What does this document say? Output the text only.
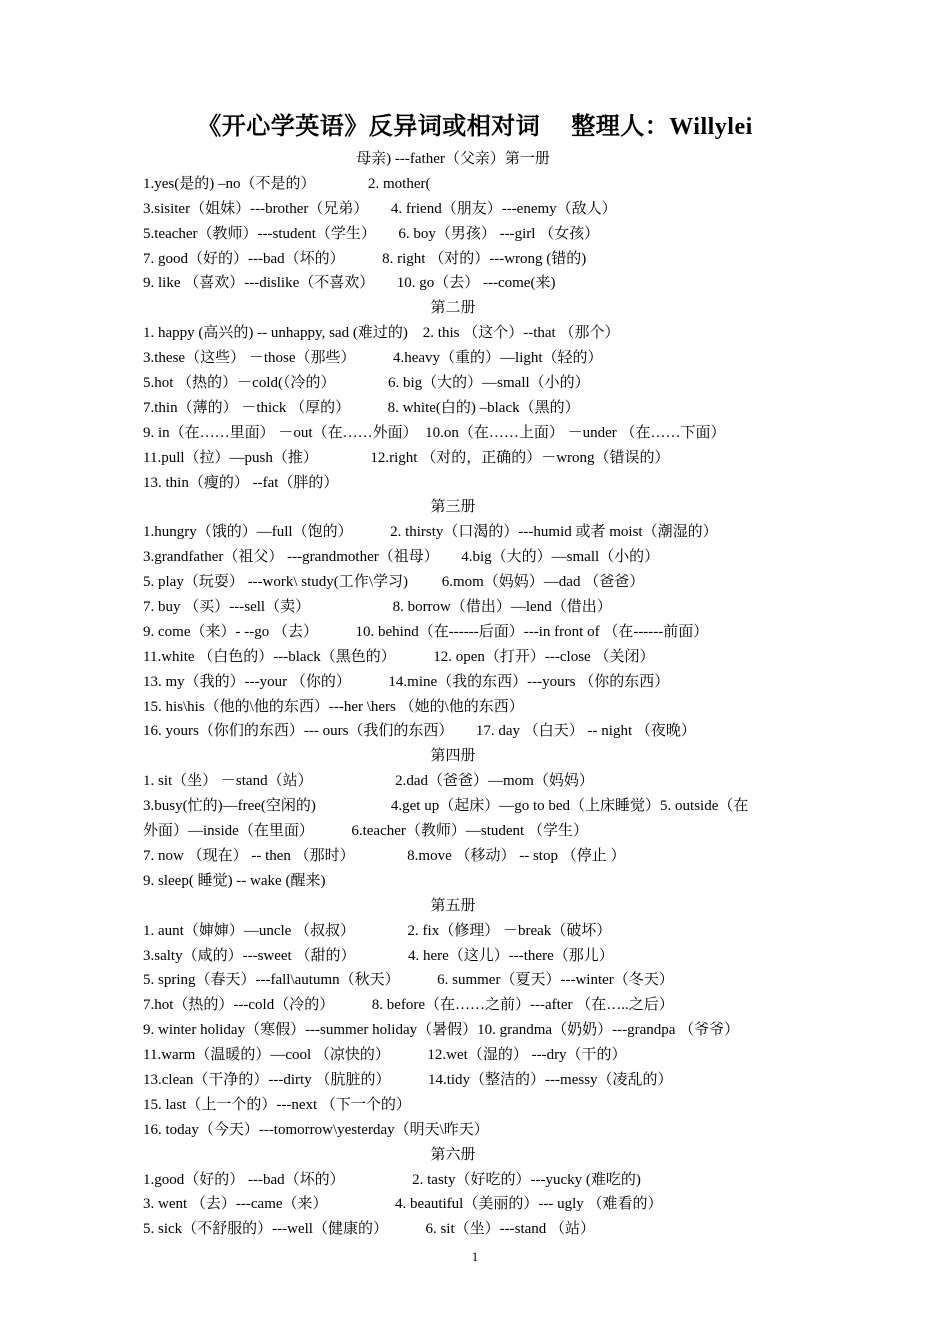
《开心学英语》反异词或相对词　 整理人：Willylei
母亲) ---father（父亲）第一册
1.yes(是的) –no（不是的）　　　　2. mother(
3.sisiter（姐妹）---brother（兄弟）　　4. friend（朋友）---enemy（敌人）
5.teacher（教师）---student（学生）　　6. boy（男孩） ---girl （女孩）
7. good（好的）---bad（坏的）　　　8. right （对的）---wrong (错的)
9. like （喜欢）---dislike（不喜欢）　　10. go（去） ---come(来)
第二册
1. happy (高兴的) -- unhappy, sad (难过的)　2. this （这个）--that （那个）
3.these（这些） －those（那些）　　　4.heavy（重的）—light（轻的）
5.hot （热的）－cold(（冷的）　　　　6. big（大的）—small（小的）
7.thin（薄的） －thick （厚的）　　　8. white(白的) –black（黑的）
9. in（在……里面） －out（在……外面）　10.on（在……上面） －under （在……下面）
11.pull（拉）—push（推）　　　　12.right （对的，正确的）－wrong（错误的）
13. thin（瘦的） --fat（胖的）
第三册
1.hungry（饿的）—full（饱的）　　　2. thirsty（口渴的）---humid 或者 moist（潮湿的）
3.grandfather（祖父） ---grandmother（祖母）　　4.big（大的）—small（小的）
5. play（玩耍） ---work\ study(工作\学习)　　 6.mom（妈妈）—dad （爸爸）
7. buy （买）---sell（卖）　　　　　　8. borrow（借出）—lend（借出）
9. come（来）- --go （去）　　　10. behind（在------后面）---in front of （在------前面）
11.white （白色的）---black（黑色的）　　　12. open（打开）---close （关闭）
13. my（我的）---your （你的）　　　14.mine（我的东西）---yours （你的东西）
15. his\his（他的\他的东西）---her \hers （她的\他的东西）
16. yours（你们的东西）--- ours（我们的东西）　　17. day （白天） -- night （夜晚）
第四册
1. sit（坐） －stand（站）　　　　　　2.dad（爸爸）—mom（妈妈）
3.busy(忙的)—free(空闲的)　　　　　4.get up（起床）—go to bed（上床睡觉）5. outside（在
外面）—inside（在里面）　　　6.teacher（教师）—student （学生）
7. now （现在） -- then （那时）　　　　8.move （移动） -- stop （停止 ）
9. sleep( 睡觉) -- wake (醒来)
第五册
1. aunt（婶婶）—uncle （叔叔）　　　　2. fix（修理） －break（破坏）
3.salty（咸的）---sweet （甜的）　　　　4. here（这儿）---there（那儿）
5. spring（春天）---fall\autumn（秋天）　　　6. summer（夏天）---winter（冬天）
7.hot（热的）---cold（冷的）　　　8. before（在……之前）---after （在…..之后）
9. winter holiday（寒假）---summer holiday（暑假）10. grandma（奶奶）---grandpa （爷爷）
11.warm（温暖的）—cool （凉快的）　　　12.wet（湿的） ---dry（干的）
13.clean（干净的）---dirty （肮脏的）　　　14.tidy（整洁的）---messy（凌乱的）
15. last（上一个的）---next （下一个的）
16. today（今天）---tomorrow\yesterday（明天\昨天）
第六册
1.good（好的） ---bad（坏的）　　　　　2. tasty（好吃的）---yucky (难吃的)
3. went （去）---came（来）　　　　　4. beautiful（美丽的）--- ugly （难看的）
5. sick（不舒服的）---well（健康的）　　　6. sit（坐）---stand （站）
1
